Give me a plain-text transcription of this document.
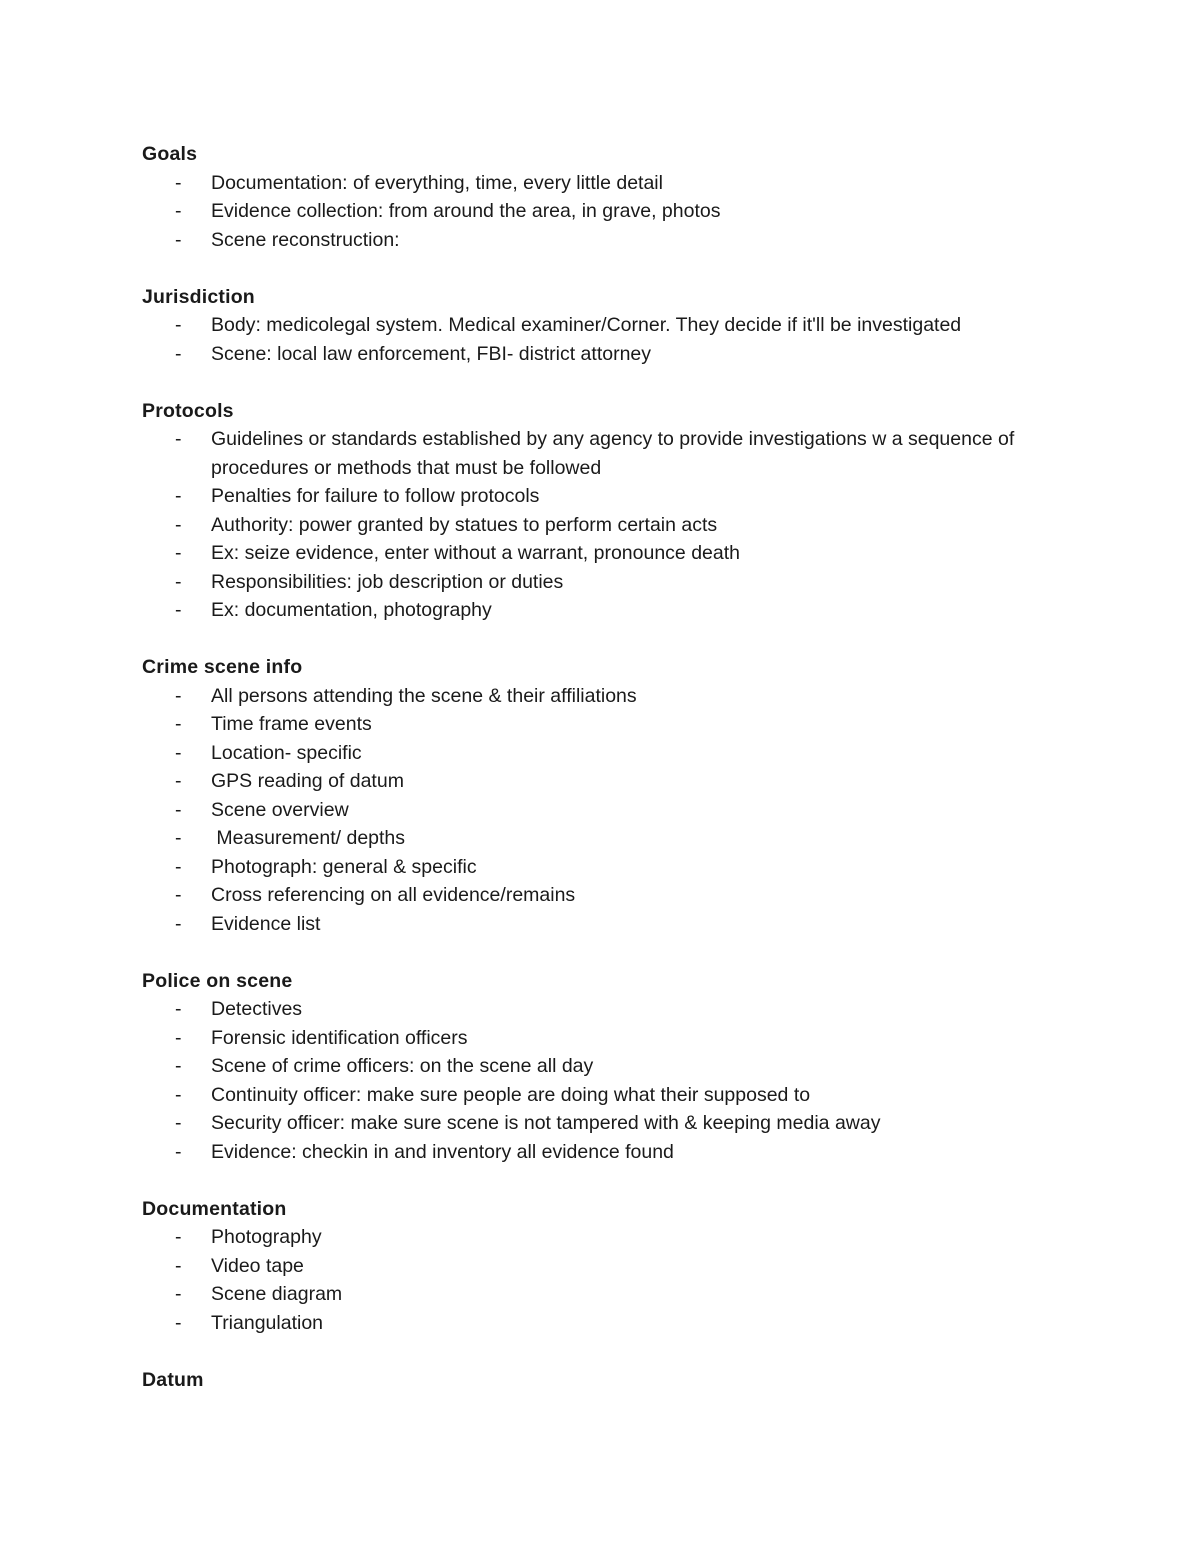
Goals
- Documentation: of everything, time, every little detail
- Evidence collection: from around the area, in grave, photos
- Scene reconstruction:
Jurisdiction
- Body: medicolegal system. Medical examiner/Corner. They decide if it'll be investigated
- Scene: local law enforcement, FBI- district attorney
Protocols
- Guidelines or standards established by any agency to provide investigations w a sequence of procedures or methods that must be followed
- Penalties for failure to follow protocols
- Authority: power granted by statues to perform certain acts
- Ex: seize evidence, enter without a warrant, pronounce death
- Responsibilities: job description or duties
- Ex: documentation, photography
Crime scene info
- All persons attending the scene & their affiliations
- Time frame events
- Location- specific
- GPS reading of datum
- Scene overview
- Measurement/ depths
- Photograph: general & specific
- Cross referencing on all evidence/remains
- Evidence list
Police on scene
- Detectives
- Forensic identification officers
- Scene of crime officers: on the scene all day
- Continuity officer: make sure people are doing what their supposed to
- Security officer: make sure scene is not tampered with & keeping media away
- Evidence: checkin in and inventory all evidence found
Documentation
- Photography
- Video tape
- Scene diagram
- Triangulation
Datum
